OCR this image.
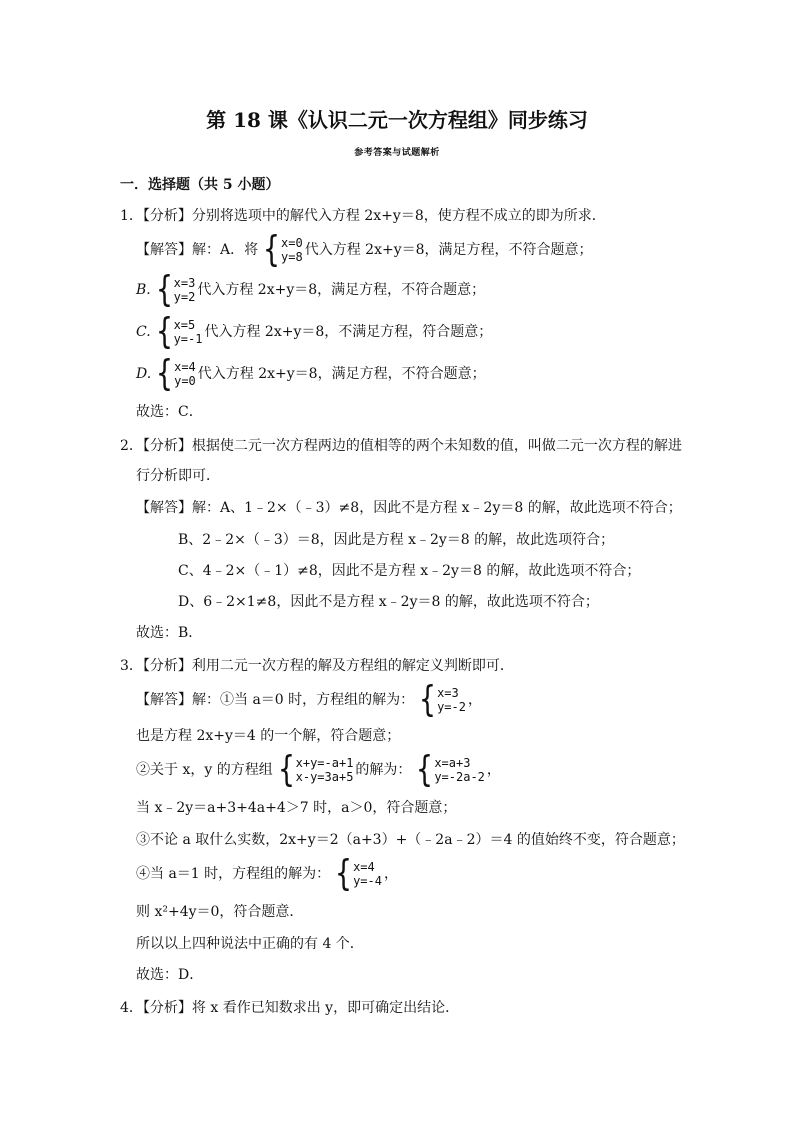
第 18 课《认识二元一次方程组》同步练习
参考答案与试题解析
一．选择题（共 5 小题）
1．【分析】分别将选项中的解代入方程 2x+y＝8，使方程不成立的即为所求．
【解答】解：A．将 { x=0
y=8 代入方程 2x+y＝8，满足方程，不符合题意；
B. { x=3
y=2 代入方程 2x+y＝8，满足方程，不符合题意；
C. { x=5
y=-1 代入方程 2x+y＝8，不满足方程，符合题意；
D. { x=4
y=0 代入方程 2x+y＝8，满足方程，不符合题意；
故选：C．
2．【分析】根据使二元一次方程两边的值相等的两个未知数的值，叫做二元一次方程的解进
行分析即可．
【解答】解：A、1﹣2×（﹣3）≠8，因此不是方程 x﹣2y＝8 的解，故此选项不符合；
B、2﹣2×（﹣3）＝8，因此是方程 x﹣2y＝8 的解，故此选项符合；
C、4﹣2×（﹣1）≠8，因此不是方程 x﹣2y＝8 的解，故此选项不符合；
D、6﹣2×1≠8，因此不是方程 x﹣2y＝8 的解，故此选项不符合；
故选：B．
3．【分析】利用二元一次方程的解及方程组的解定义判断即可．
【解答】解：①当 a＝0 时，方程组的解为： { x=3
y=-2 ，
也是方程 2x+y＝4 的一个解，符合题意；
②关于 x，y 的方程组 { x+y=-a+1
x-y=3a+5 的解为： { x=a+3
y=-2a-2 ，
当 x﹣2y＝a+3+4a+4＞7 时，a＞0，符合题意；
③不论 a 取什么实数，2x+y＝2（a+3）+（﹣2a﹣2）＝4 的值始终不变，符合题意；
④当 a＝1 时，方程组的解为： { x=4
y=-4 ，
则 x²+4y＝0，符合题意．
所以以上四种说法中正确的有 4 个．
故选：D．
4．【分析】将 x 看作已知数求出 y，即可确定出结论．
